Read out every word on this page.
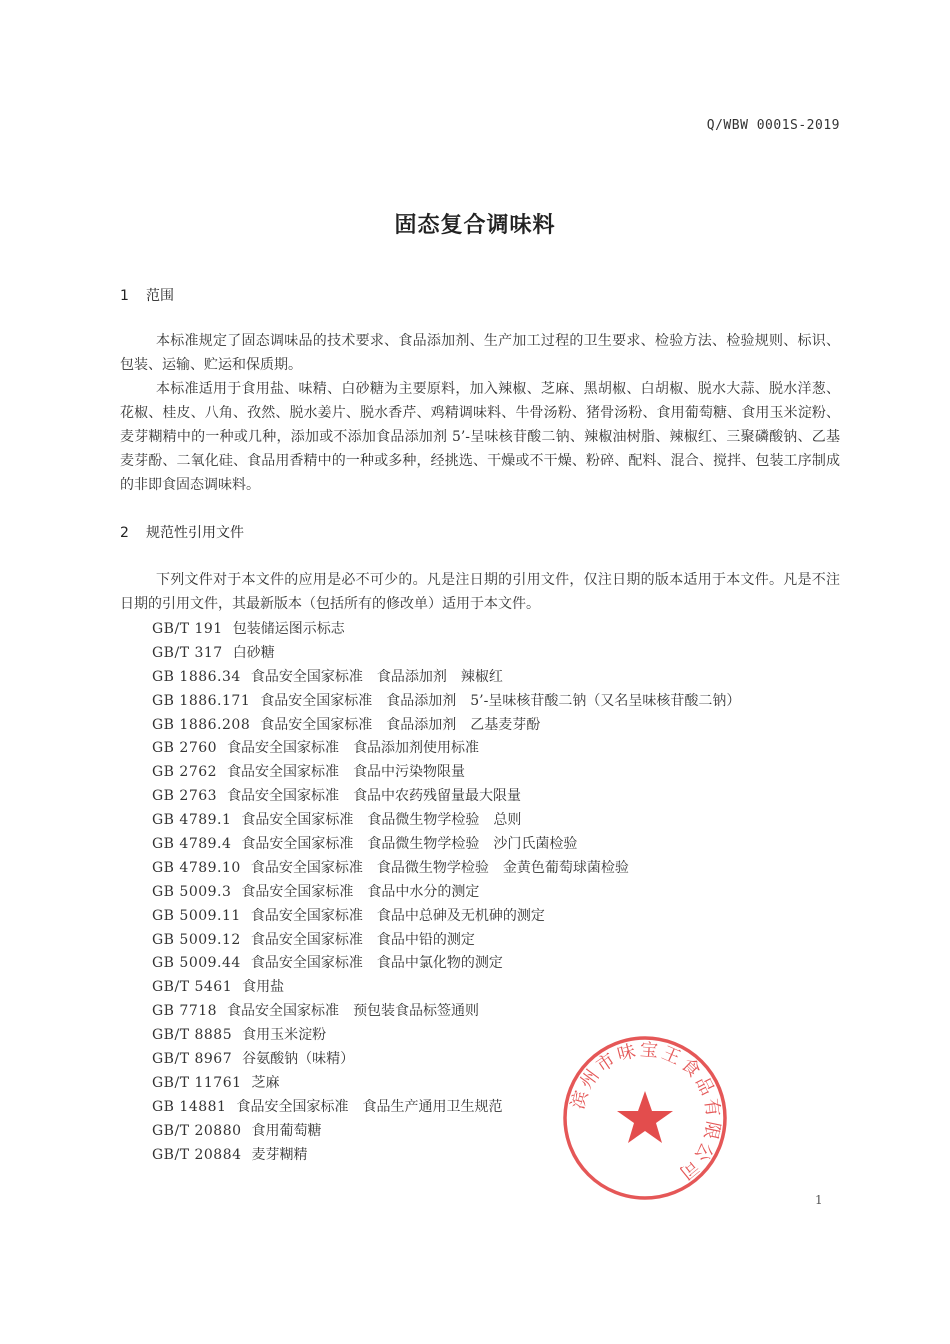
Q/WBW 0001S-2019
固态复合调味料
1 范围

本标准规定了固态调味品的技术要求、食品添加剂、生产加工过程的卫生要求、检验方法、检验规则、标识、包装、运输、贮运和保质期。

本标准适用于食用盐、味精、白砂糖为主要原料，加入辣椒、芝麻、黑胡椒、白胡椒、脱水大蒜、脱水洋葱、花椒、桂皮、八角、孜然、脱水姜片、脱水香芹、鸡精调味料、牛骨汤粉、猪骨汤粉、食用葡萄糖、食用玉米淀粉、麦芽糊精中的一种或几种，添加或不添加食品添加剂 5’-呈味核苷酸二钠、辣椒油树脂、辣椒红、三聚磷酸钠、乙基麦芽酚、二氧化硅、食品用香精中的一种或多种，经挑选、干燥或不干燥、粉碎、配料、混合、搅拌、包装工序制成的非即食固态调味料。

2 规范性引用文件

下列文件对于本文件的应用是必不可少的。凡是注日期的引用文件，仅注日期的版本适用于本文件。凡是不注日期的引用文件，其最新版本（包括所有的修改单）适用于本文件。

GB/T 191 包装储运图示标志
GB/T 317 白砂糖
GB 1886.34 食品安全国家标准 食品添加剂　辣椒红
GB 1886.171 食品安全国家标准 食品添加剂　5’-呈味核苷酸二钠（又名呈味核苷酸二钠）
GB 1886.208 食品安全国家标准 食品添加剂　乙基麦芽酚
GB 2760 食品安全国家标准 食品添加剂使用标准
GB 2762 食品安全国家标准 食品中污染物限量
GB 2763 食品安全国家标准 食品中农药残留量最大限量
GB 4789.1 食品安全国家标准 食品微生物学检验　总则
GB 4789.4 食品安全国家标准 食品微生物学检验　沙门氏菌检验
GB 4789.10 食品安全国家标准 食品微生物学检验　金黄色葡萄球菌检验
GB 5009.3 食品安全国家标准 食品中水分的测定
GB 5009.11 食品安全国家标准 食品中总砷及无机砷的测定
GB 5009.12 食品安全国家标准 食品中铅的测定
GB 5009.44 食品安全国家标准 食品中氯化物的测定
GB/T 5461 食用盐
GB 7718 食品安全国家标准 预包装食品标签通则
GB/T 8885 食用玉米淀粉
GB/T 8967 谷氨酸钠（味精）
GB/T 11761 芝麻
GB 14881 食品安全国家标准 食品生产通用卫生规范
GB/T 20880 食用葡萄糖
GB/T 20884 麦芽糊精
滨州市味宝王食品有限公司
1
